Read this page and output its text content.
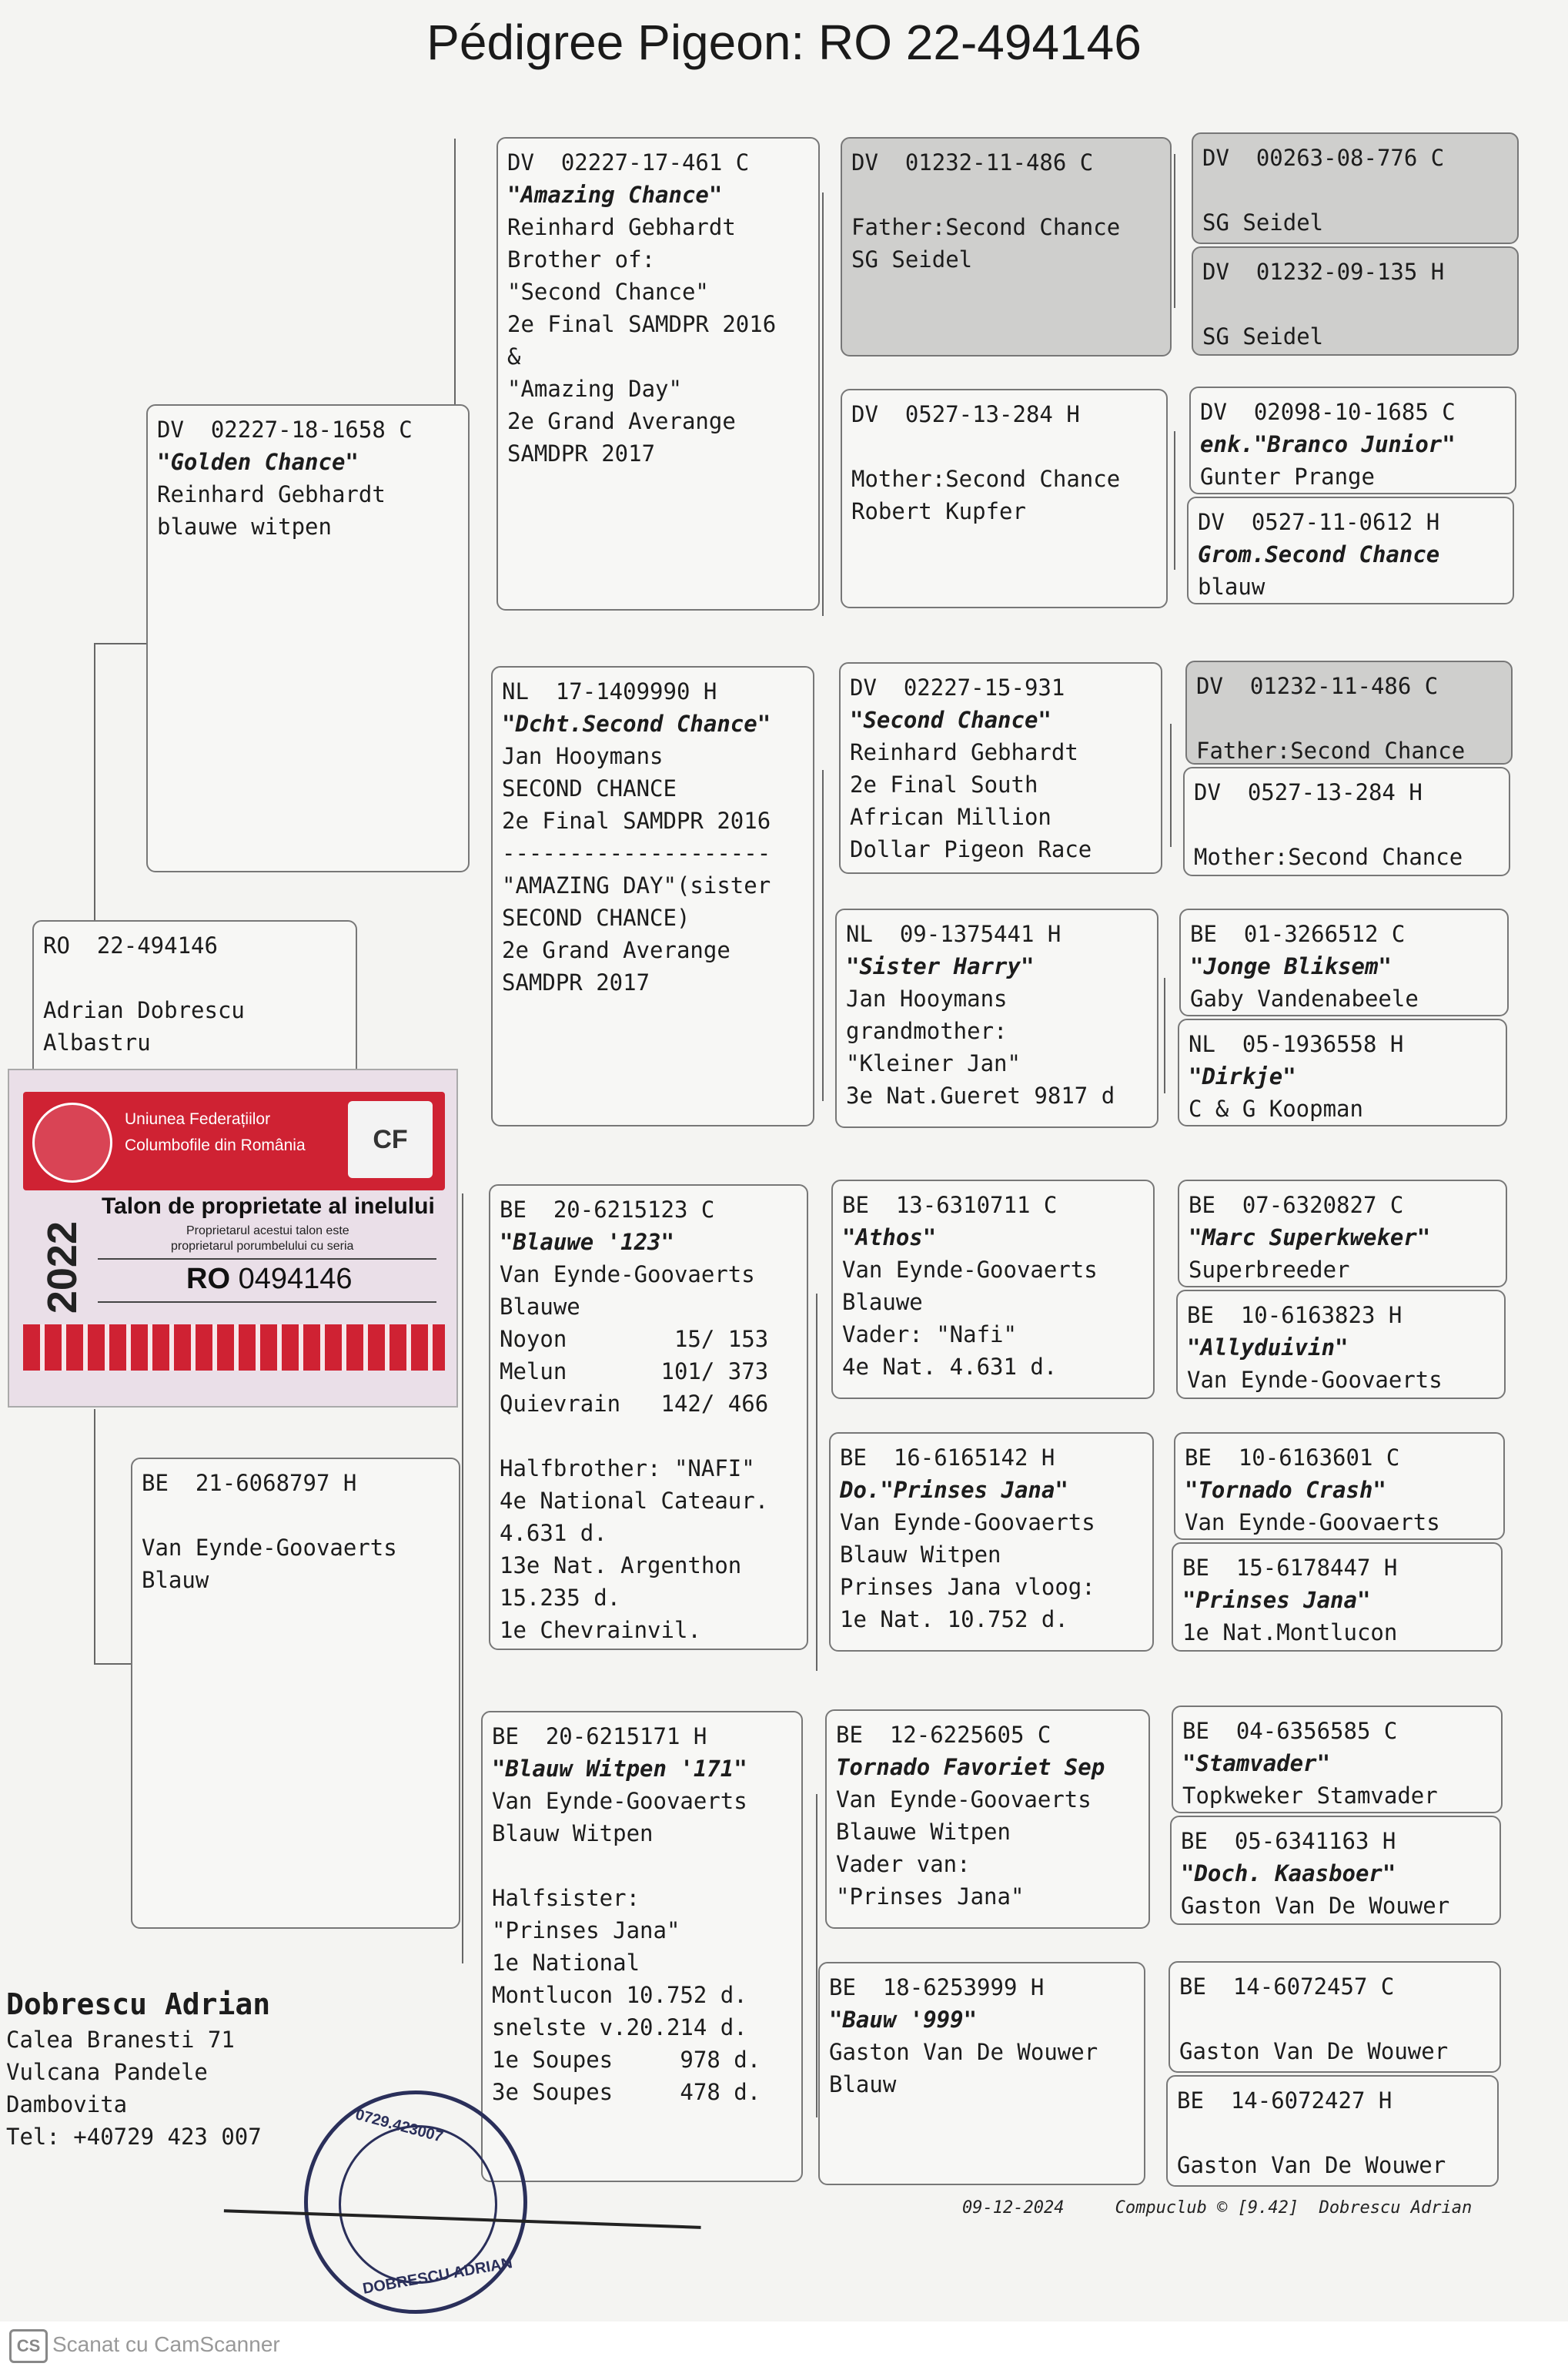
Pédigree Pigeon: RO 22-494146
RO  22-494146

Adrian Dobrescu
Albastru
DV  02227-18-1658 C
"Golden Chance"
Reinhard Gebhardt
blauwe witpen
BE  21-6068797 H

Van Eynde-Goovaerts
Blauw
DV  02227-17-461 C
"Amazing Chance"
Reinhard Gebhardt
Brother of:
"Second Chance"
2e Final SAMDPR 2016
&
"Amazing Day"
2e Grand Averange
SAMDPR 2017
NL  17-1409990 H
"Dcht.Second Chance"
Jan Hooymans
SECOND CHANCE
2e Final SAMDPR 2016
--------------------
"AMAZING DAY"(sister
SECOND CHANCE)
2e Grand Averange
SAMDPR 2017
BE  20-6215123 C
"Blauwe '123"
Van Eynde-Goovaerts
Blauwe
Noyon        15/ 153
Melun       101/ 373
Quievrain   142/ 466

Halfbrother: "NAFI"
4e National Cateaur.
4.631 d.
13e Nat. Argenthon
15.235 d.
1e Chevrainvil.
BE  20-6215171 H
"Blauw Witpen '171"
Van Eynde-Goovaerts
Blauw Witpen

Halfsister:
"Prinses Jana"
1e National
Montlucon 10.752 d.
snelste v.20.214 d.
1e Soupes     978 d.
3e Soupes     478 d.
DV  01232-11-486 C

Father:Second Chance
SG Seidel
DV  0527-13-284 H

Mother:Second Chance
Robert Kupfer
DV  02227-15-931
"Second Chance"
Reinhard Gebhardt
2e Final South
African Million
Dollar Pigeon Race
NL  09-1375441 H
"Sister Harry"
Jan Hooymans
grandmother:
"Kleiner Jan"
3e Nat.Gueret 9817 d
BE  13-6310711 C
"Athos"
Van Eynde-Goovaerts
Blauwe
Vader: "Nafi"
4e Nat. 4.631 d.
BE  16-6165142 H
Do."Prinses Jana"
Van Eynde-Goovaerts
Blauw Witpen
Prinses Jana vloog:
1e Nat. 10.752 d.
BE  12-6225605 C
Tornado Favoriet Sep
Van Eynde-Goovaerts
Blauwe Witpen
Vader van:
"Prinses Jana"
BE  18-6253999 H
"Bauw '999"
Gaston Van De Wouwer
Blauw
DV  00263-08-776 C

SG Seidel
DV  01232-09-135 H

SG Seidel
DV  02098-10-1685 C
enk."Branco Junior"
Gunter Prange
DV  0527-11-0612 H
Grom.Second Chance
blauw
DV  01232-11-486 C

Father:Second Chance
DV  0527-13-284 H

Mother:Second Chance
BE  01-3266512 C
"Jonge Bliksem"
Gaby Vandenabeele
NL  05-1936558 H
"Dirkje"
C & G Koopman
BE  07-6320827 C
"Marc Superkweker"
Superbreeder
BE  10-6163823 H
"Allyduivin"
Van Eynde-Goovaerts
BE  10-6163601 C
"Tornado Crash"
Van Eynde-Goovaerts
BE  15-6178447 H
"Prinses Jana"
1e Nat.Montlucon
BE  04-6356585 C
"Stamvader"
Topkweker Stamvader
BE  05-6341163 H
"Doch. Kaasboer"
Gaston Van De Wouwer
BE  14-6072457 C

Gaston Van De Wouwer
BE  14-6072427 H

Gaston Van De Wouwer
Uniunea Federațiilor
Columbofile din România	CF
2022
Talon de proprietate al inelului
Proprietarul acestui talon este
proprietarul porumbelului cu seria
RO 0494146
Dobrescu Adrian
Calea Branesti 71
Vulcana Pandele
Dambovita
Tel: +40729 423 007	0729.423007
DOBRESCU ADRIAN
09-12-2024     Compuclub © [9.42]  Dobrescu Adrian
CS Scanat cu CamScanner
